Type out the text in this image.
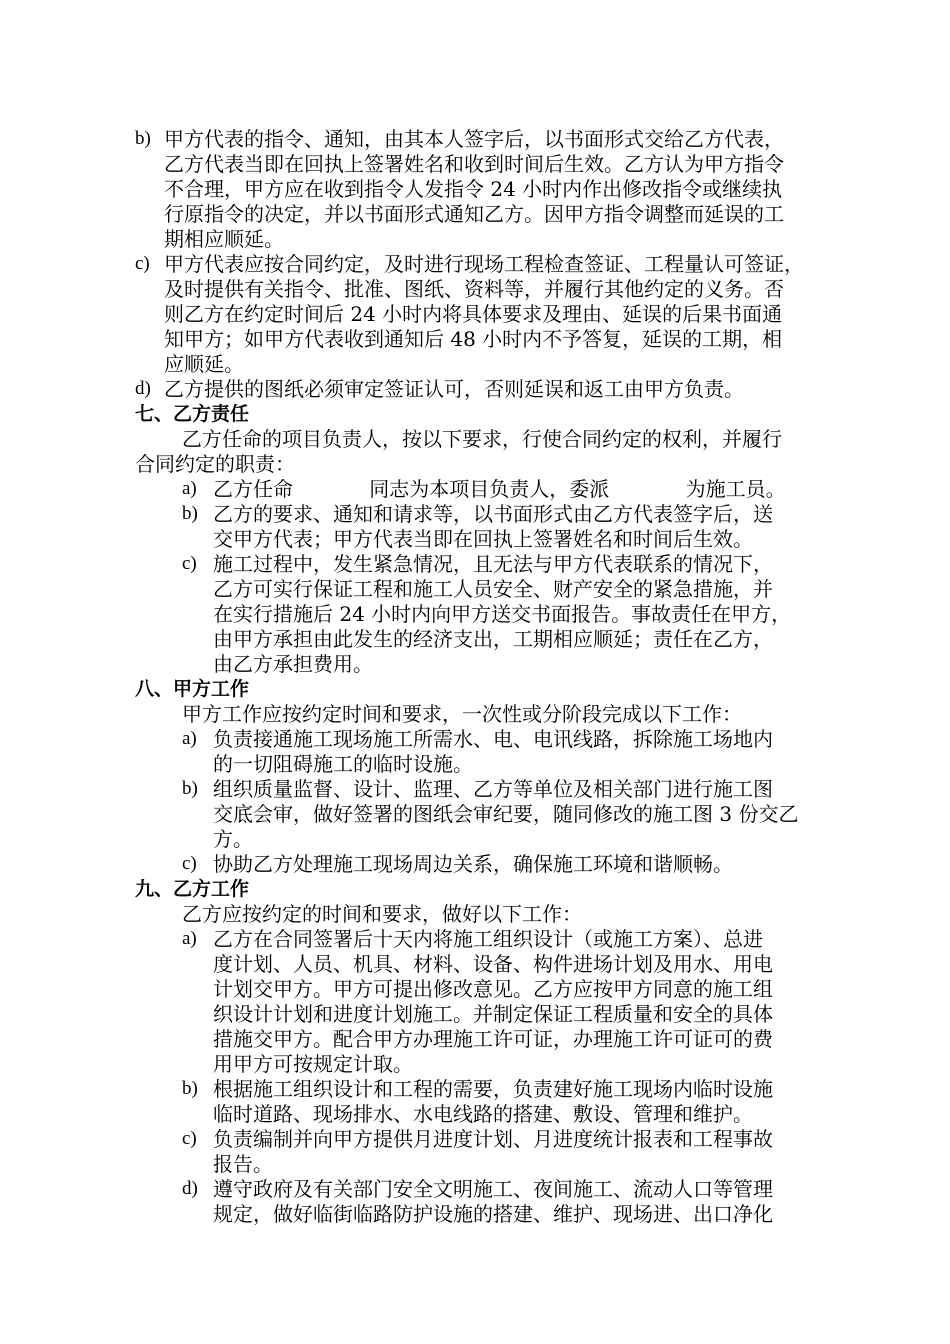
b) 甲方代表的指令、通知，由其本人签字后，以书面形式交给乙方代表，
乙方代表当即在回执上签署姓名和收到时间后生效。乙方认为甲方指令
不合理，甲方应在收到指令人发指令 24 小时内作出修改指令或继续执
行原指令的决定，并以书面形式通知乙方。因甲方指令调整而延误的工
期相应顺延。
c) 甲方代表应按合同约定，及时进行现场工程检查签证、工程量认可签证，
及时提供有关指令、批准、图纸、资料等，并履行其他约定的义务。否
则乙方在约定时间后 24 小时内将具体要求及理由、延误的后果书面通
知甲方；如甲方代表收到通知后 48 小时内不予答复，延误的工期，相
应顺延。
d) 乙方提供的图纸必须审定签证认可，否则延误和返工由甲方负责。
七、乙方责任
乙方任命的项目负责人，按以下要求，行使合同约定的权利，并履行
合同约定的职责：
a) 乙方任命            同志为本项目负责人，委派            为施工员。
b) 乙方的要求、通知和请求等，以书面形式由乙方代表签字后，送
交甲方代表；甲方代表当即在回执上签署姓名和时间后生效。
c) 施工过程中，发生紧急情况，且无法与甲方代表联系的情况下，
乙方可实行保证工程和施工人员安全、财产安全的紧急措施，并
在实行措施后 24 小时内向甲方送交书面报告。事故责任在甲方，
由甲方承担由此发生的经济支出，工期相应顺延；责任在乙方，
由乙方承担费用。
八、甲方工作
甲方工作应按约定时间和要求，一次性或分阶段完成以下工作：
a) 负责接通施工现场施工所需水、电、电讯线路，拆除施工场地内
的一切阻碍施工的临时设施。
b) 组织质量监督、设计、监理、乙方等单位及相关部门进行施工图
交底会审，做好签署的图纸会审纪要，随同修改的施工图 3 份交乙
方。
c) 协助乙方处理施工现场周边关系，确保施工环境和谐顺畅。
九、乙方工作
乙方应按约定的时间和要求，做好以下工作：
a) 乙方在合同签署后十天内将施工组织设计（或施工方案）、总进
度计划、人员、机具、材料、设备、构件进场计划及用水、用电
计划交甲方。甲方可提出修改意见。乙方应按甲方同意的施工组
织设计计划和进度计划施工。并制定保证工程质量和安全的具体
措施交甲方。配合甲方办理施工许可证，办理施工许可证可的费
用甲方可按规定计取。
b) 根据施工组织设计和工程的需要，负责建好施工现场内临时设施
临时道路、现场排水、水电线路的搭建、敷设、管理和维护。
c) 负责编制并向甲方提供月进度计划、月进度统计报表和工程事故
报告。
d) 遵守政府及有关部门安全文明施工、夜间施工、流动人口等管理
规定，做好临街临路防护设施的搭建、维护、现场进、出口净化
